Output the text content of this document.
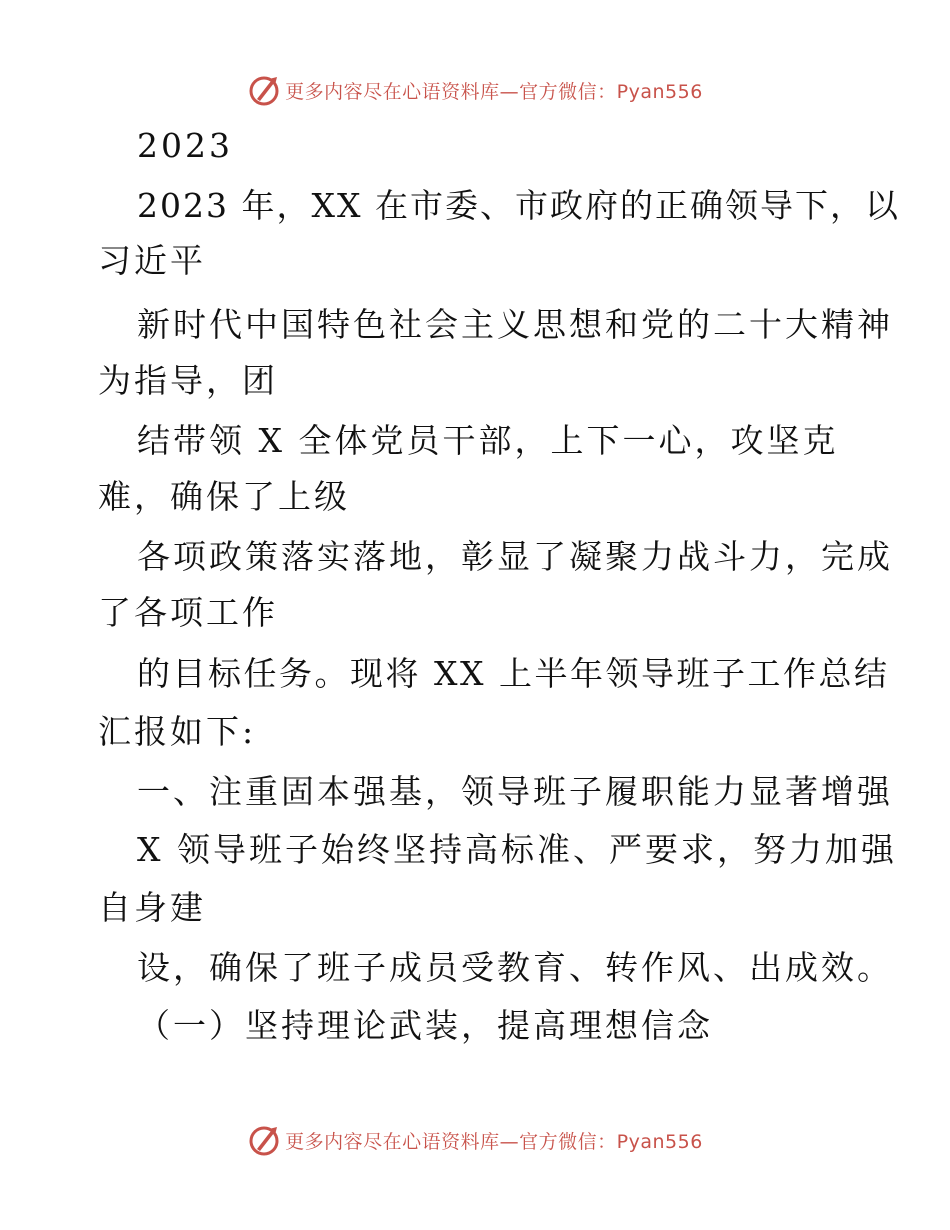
更多内容尽在心语资料库—官方微信：Pyan556
2023
2023 年，XX 在市委、市政府的正确领导下，以
习近平
新时代中国特色社会主义思想和党的二十大精神
为指导，团
结带领 X 全体党员干部，上下一心，攻坚克
难，确保了上级
各项政策落实落地，彰显了凝聚力战斗力，完成
了各项工作
的目标任务。现将 XX 上半年领导班子工作总结
汇报如下:
一、注重固本强基，领导班子履职能力显著增强
X 领导班子始终坚持高标准、严要求，努力加强
自身建
设，确保了班子成员受教育、转作风、出成效。
（一）坚持理论武装，提高理想信念
更多内容尽在心语资料库—官方微信：Pyan556
